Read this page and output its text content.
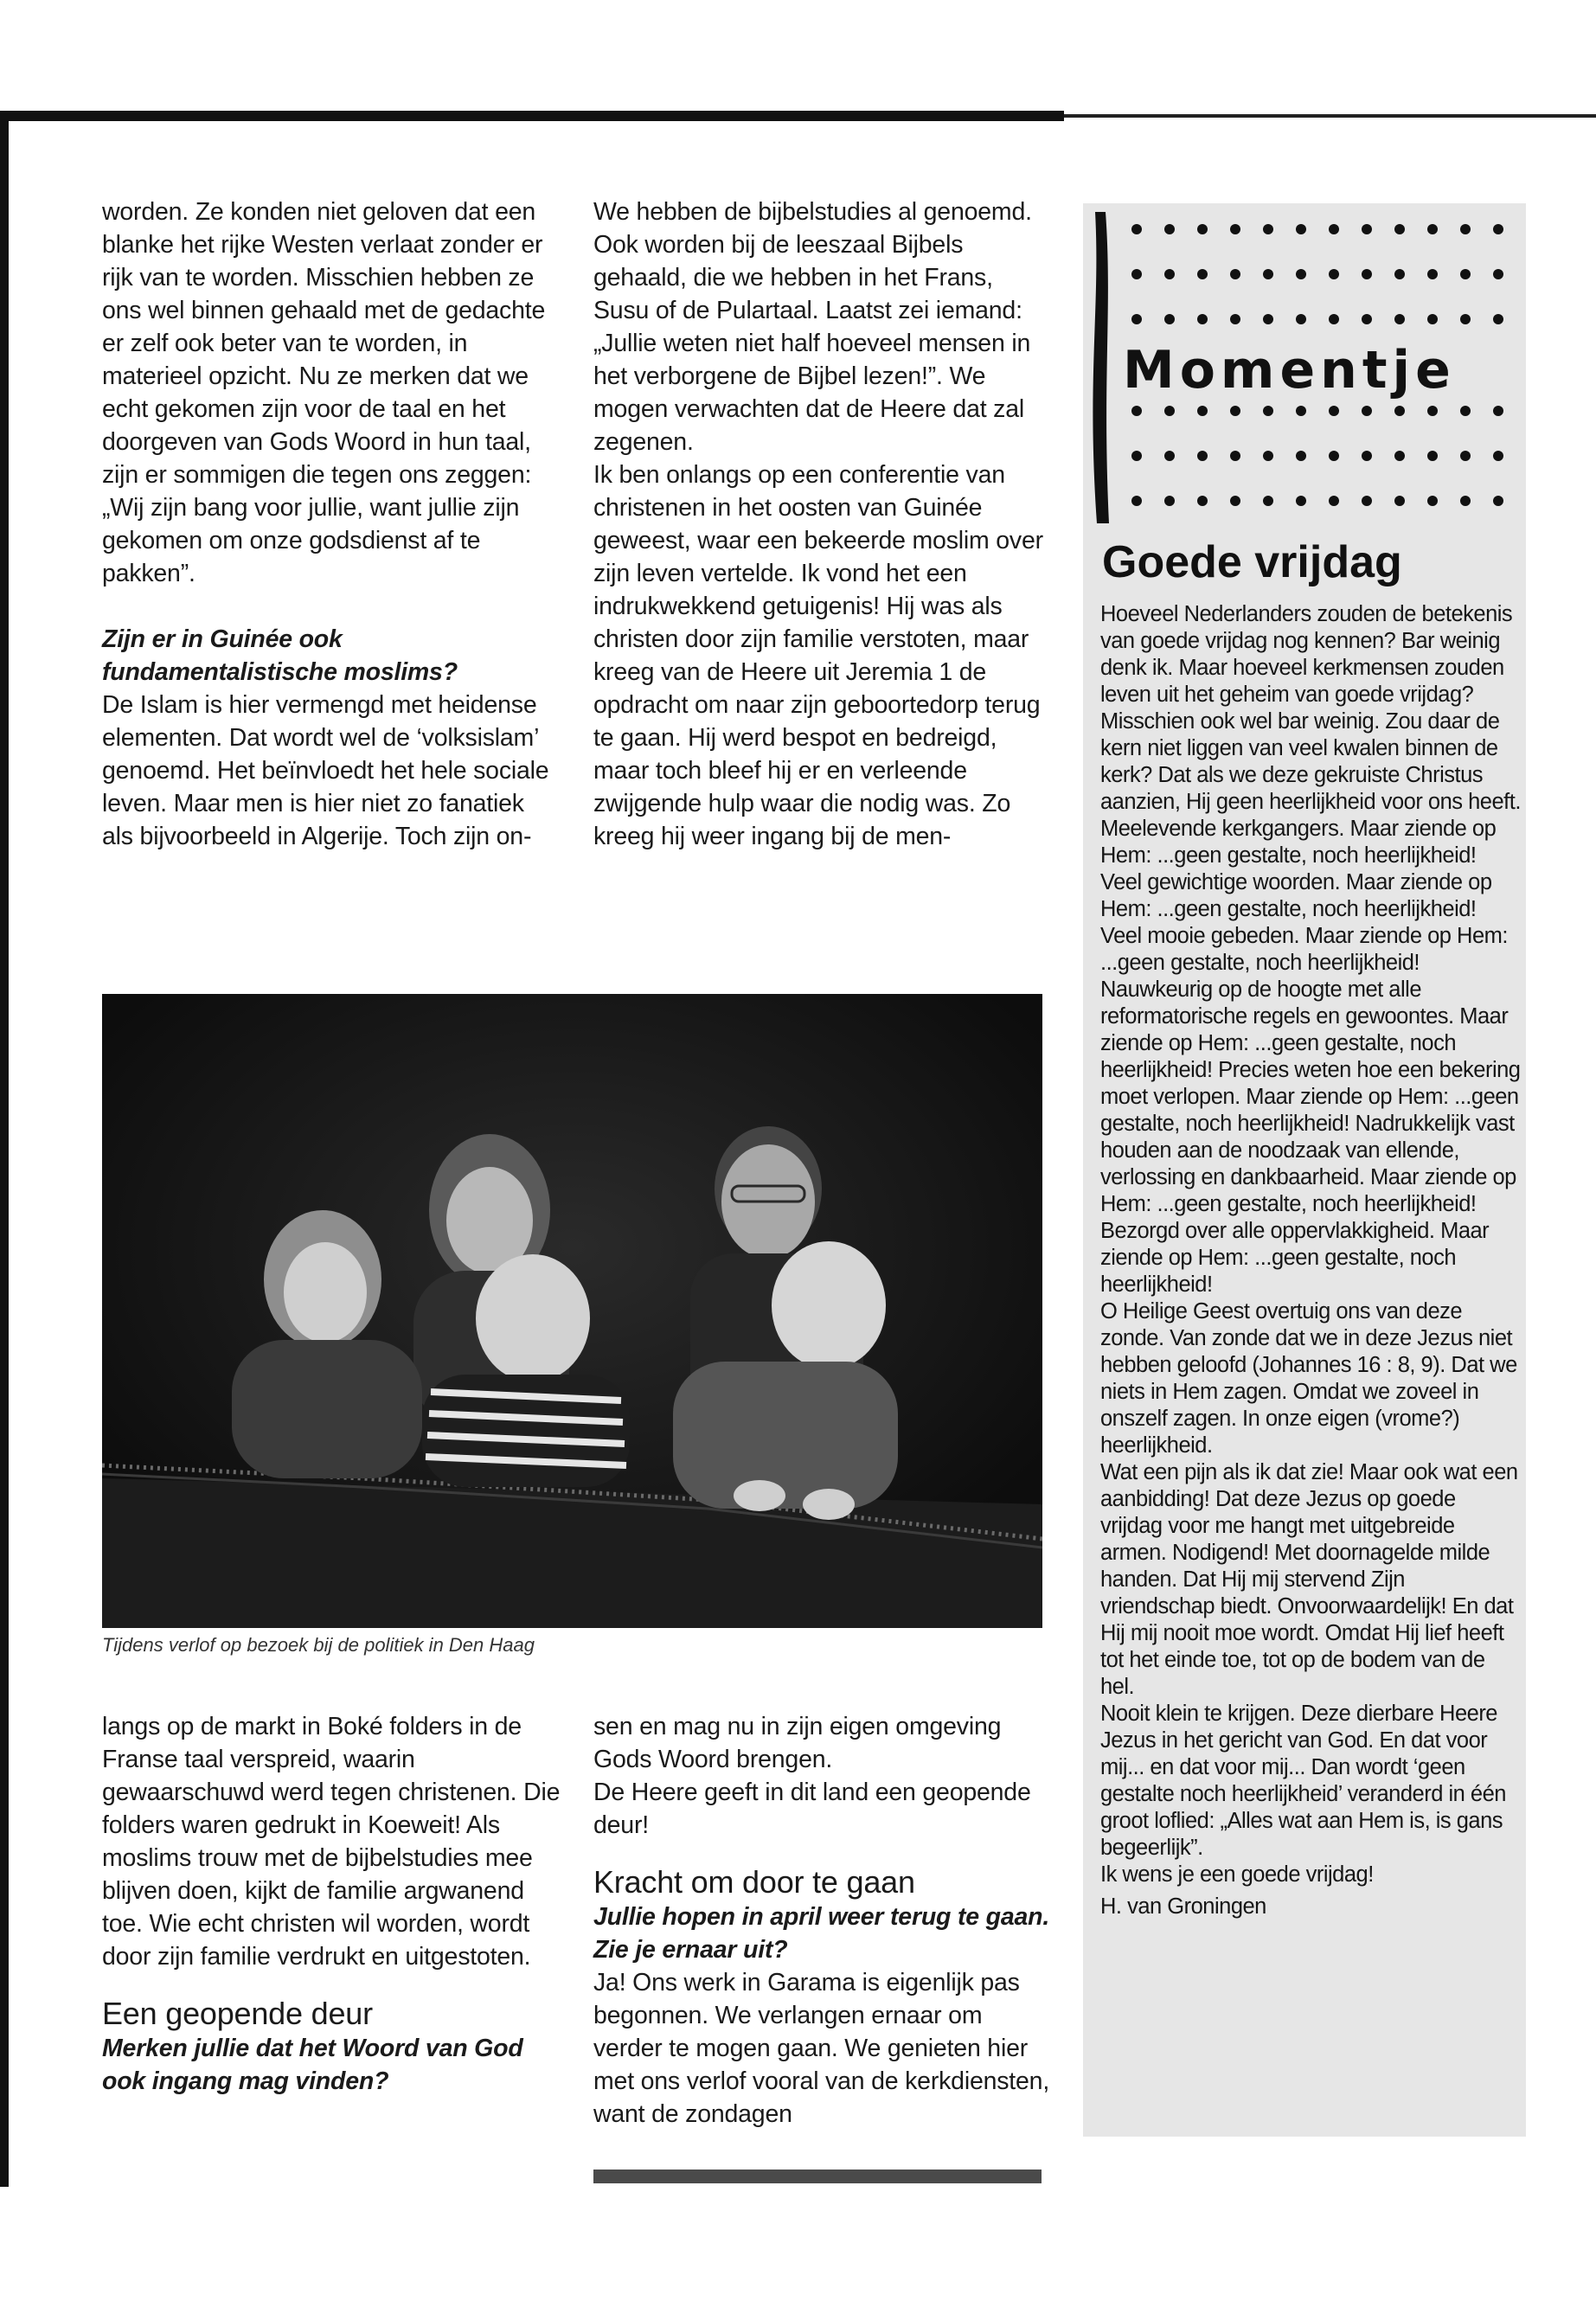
worden. Ze konden niet geloven dat een blanke het rijke Westen verlaat zonder er rijk van te worden. Misschien hebben ze ons wel binnen gehaald met de gedachte er zelf ook beter van te worden, in materieel opzicht. Nu ze merken dat we echt gekomen zijn voor de taal en het doorgeven van Gods Woord in hun taal, zijn er sommigen die tegen ons zeggen: „Wij zijn bang voor jullie, want jullie zijn gekomen om onze godsdienst af te pakken”.

Zijn er in Guinée ook fundamentalistische moslims?

De Islam is hier vermengd met heidense elementen. Dat wordt wel de ‘volksislam’ genoemd. Het beïnvloedt het hele sociale leven. Maar men is hier niet zo fanatiek als bijvoorbeeld in Algerije. Toch zijn on-

We hebben de bijbelstudies al genoemd. Ook worden bij de leeszaal Bijbels gehaald, die we hebben in het Frans, Susu of de Pulartaal. Laatst zei iemand: „Jullie weten niet half hoeveel mensen in het verborgene de Bijbel lezen!”. We mogen verwachten dat de Heere dat zal zegenen.

Ik ben onlangs op een conferentie van christenen in het oosten van Guinée geweest, waar een bekeerde moslim over zijn leven vertelde. Ik vond het een indrukwekkend getuigenis! Hij was als christen door zijn familie verstoten, maar kreeg van de Heere uit Jeremia 1 de opdracht om naar zijn geboortedorp terug te gaan. Hij werd bespot en bedreigd, maar toch bleef hij er en verleende zwijgende hulp waar die nodig was. Zo kreeg hij weer ingang bij de men-

Tijdens verlof op bezoek bij de politiek in Den Haag

langs op de markt in Boké folders in de Franse taal verspreid, waarin gewaarschuwd werd tegen christenen. Die folders waren gedrukt in Koeweit! Als moslims trouw met de bijbelstudies mee blijven doen, kijkt de familie argwanend toe. Wie echt christen wil worden, wordt door zijn familie verdrukt en uitgestoten.

Een geopende deur

Merken jullie dat het Woord van God ook ingang mag vinden?

sen en mag nu in zijn eigen omgeving Gods Woord brengen.

De Heere geeft in dit land een geopende deur!

Kracht om door te gaan

Jullie hopen in april weer terug te gaan. Zie je ernaar uit?

Ja! Ons werk in Garama is eigenlijk pas begonnen. We verlangen ernaar om verder te mogen gaan. We genieten hier met ons verlof vooral van de kerkdiensten, want de zondagen

Momentje
Goede vrijdag

Hoeveel Nederlanders zouden de betekenis van goede vrijdag nog kennen? Bar weinig denk ik. Maar hoeveel kerkmensen zouden leven uit het geheim van goede vrijdag? Misschien ook wel bar weinig. Zou daar de kern niet liggen van veel kwalen binnen de kerk? Dat als we deze gekruiste Christus aanzien, Hij geen heerlijkheid voor ons heeft.

Meelevende kerkgangers. Maar ziende op Hem: ...geen gestalte, noch heerlijkheid! Veel gewichtige woorden. Maar ziende op Hem: ...geen gestalte, noch heerlijkheid! Veel mooie gebeden. Maar ziende op Hem: ...geen gestalte, noch heerlijkheid! Nauwkeurig op de hoogte met alle reformatorische regels en gewoontes. Maar ziende op Hem: ...geen gestalte, noch heerlijkheid! Precies weten hoe een bekering moet verlopen. Maar ziende op Hem: ...geen gestalte, noch heerlijkheid! Nadrukkelijk vast houden aan de noodzaak van ellende, verlossing en dankbaarheid. Maar ziende op Hem: ...geen gestalte, noch heerlijkheid! Bezorgd over alle oppervlakkigheid. Maar ziende op Hem: ...geen gestalte, noch heerlijkheid!

O Heilige Geest overtuig ons van deze zonde. Van zonde dat we in deze Jezus niet hebben geloofd (Johannes 16 : 8, 9). Dat we niets in Hem zagen. Omdat we zoveel in onszelf zagen. In onze eigen (vrome?) heerlijkheid.

Wat een pijn als ik dat zie! Maar ook wat een aanbidding! Dat deze Jezus op goede vrijdag voor me hangt met uitgebreide armen. Nodigend! Met doornagelde milde handen. Dat Hij mij stervend Zijn vriendschap biedt. Onvoorwaardelijk! En dat Hij mij nooit moe wordt. Omdat Hij lief heeft tot het einde toe, tot op de bodem van de hel.

Nooit klein te krijgen. Deze dierbare Heere Jezus in het gericht van God. En dat voor mij... en dat voor mij... Dan wordt ‘geen gestalte noch heerlijkheid’ veranderd in één groot loflied: „Alles wat aan Hem is, is gans begeerlijk”.

Ik wens je een goede vrijdag!

H. van Groningen
